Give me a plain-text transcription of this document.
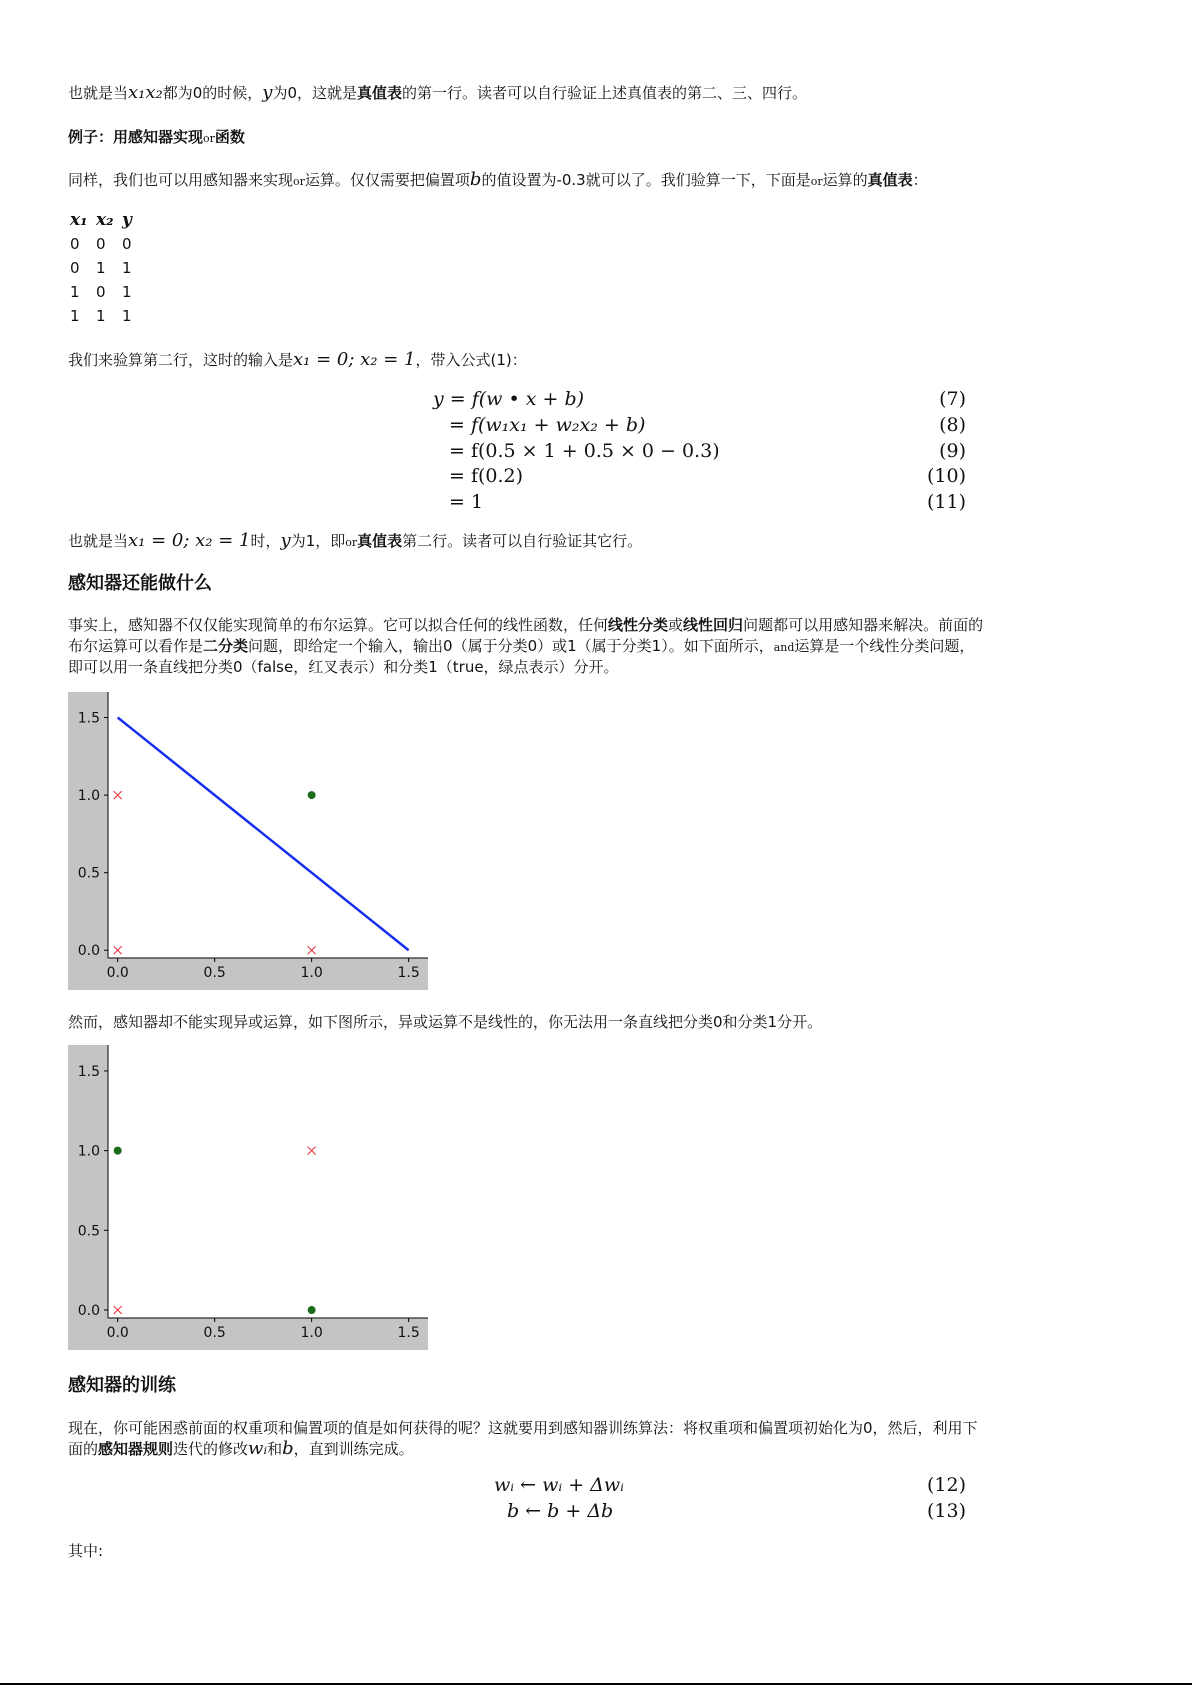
也就是当x₁x₂都为0的时候，y为0，这就是真值表的第一行。读者可以自行验证上述真值表的第二、三、四行。
例子：用感知器实现or函数
同样，我们也可以用感知器来实现or运算。仅仅需要把偏置项b的值设置为-0.3就可以了。我们验算一下，下面是or运算的真值表：
x₁ x₂ y
0 0 0
0 1 1
1 0 1
1 1 1
我们来验算第二行，这时的输入是x₁ = 0; x₂ = 1，带入公式(1)：
y = f(w • x + b)	(7)
= f(w₁x₁ + w₂x₂ + b)	(8)
= f(0.5 × 1 + 0.5 × 0 − 0.3)	(9)
= f(0.2)	(10)
= 1	(11)
也就是当x₁ = 0; x₂ = 1时，y为1，即or真值表第二行。读者可以自行验证其它行。
感知器还能做什么
事实上，感知器不仅仅能实现简单的布尔运算。它可以拟合任何的线性函数，任何线性分类或线性回归问题都可以用感知器来解决。前面的
布尔运算可以看作是二分类问题，即给定一个输入，输出0（属于分类0）或1（属于分类1）。如下面所示，and运算是一个线性分类问题，
即可以用一条直线把分类0（false，红叉表示）和分类1（true，绿点表示）分开。
0.0	0.5	1.0	1.5
0.0
0.5
1.0
1.5
然而，感知器却不能实现异或运算，如下图所示，异或运算不是线性的，你无法用一条直线把分类0和分类1分开。
0.0	0.5	1.0	1.5
0.0
0.5
1.0
1.5
感知器的训练
现在，你可能困惑前面的权重项和偏置项的值是如何获得的呢？这就要用到感知器训练算法：将权重项和偏置项初始化为0，然后，利用下
面的感知器规则迭代的修改wᵢ和b，直到训练完成。
wᵢ ← wᵢ + Δwᵢ	(12)
b ← b + Δb	(13)
其中:
